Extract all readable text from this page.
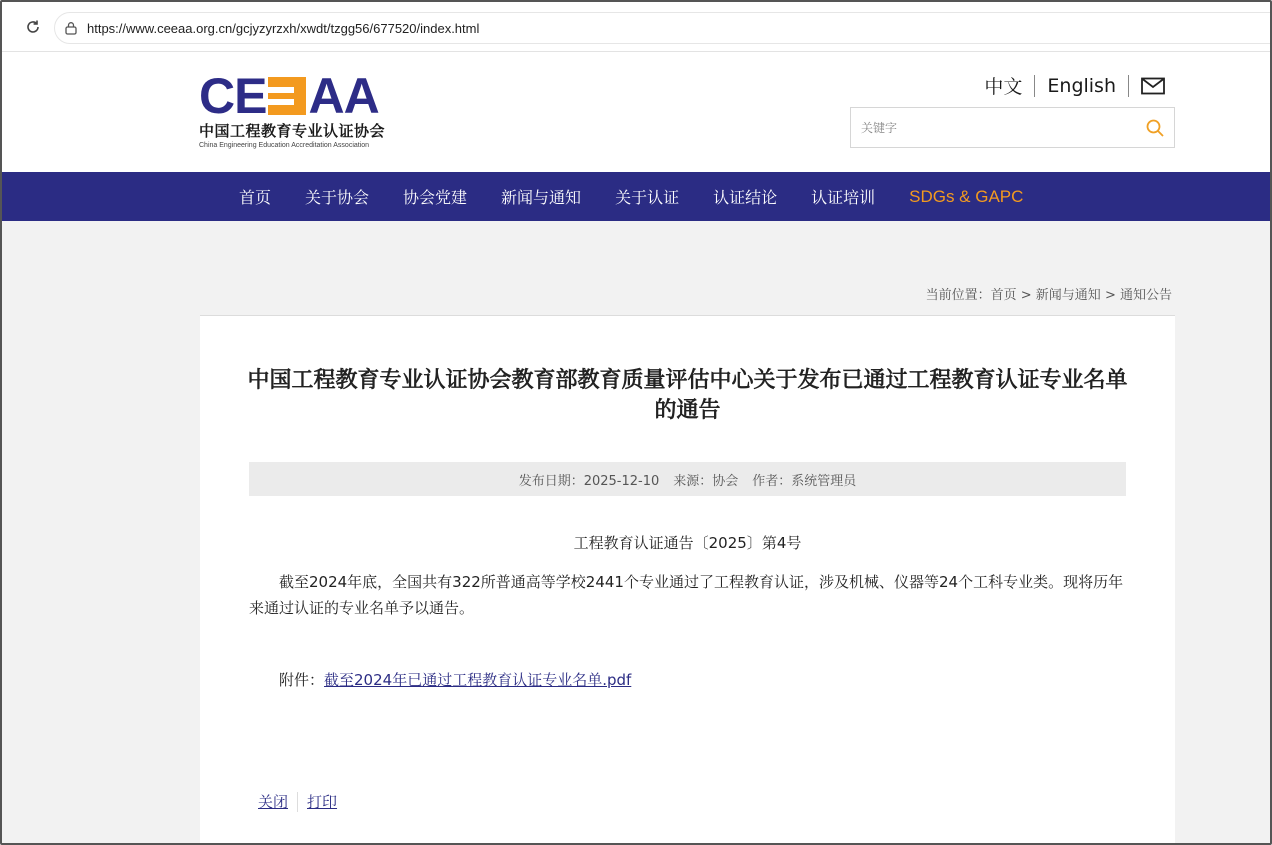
https://www.ceeaa.org.cn/gcjyzyrzxh/xwdt/tzgg56/677520/index.html
CE AA
中国工程教育专业认证协会
China Engineering Education Accreditation Association
中文 English
关键字
首页	关于协会	协会党建	新闻与通知	关于认证	认证结论	认证培训	SDGs & GAPC
当前位置：首页 > 新闻与通知 > 通知公告
中国工程教育专业认证协会教育部教育质量评估中心关于发布已通过工程教育认证专业名单的通告
发布日期：2025-12-10 来源：协会 作者：系统管理员
工程教育认证通告〔2025〕第4号

截至2024年底，全国共有322所普通高等学校2441个专业通过了工程教育认证，涉及机械、仪器等24个工科专业类。现将历年来通过认证的专业名单予以通告。

附件：截至2024年已通过工程教育认证专业名单.pdf
关闭 打印
